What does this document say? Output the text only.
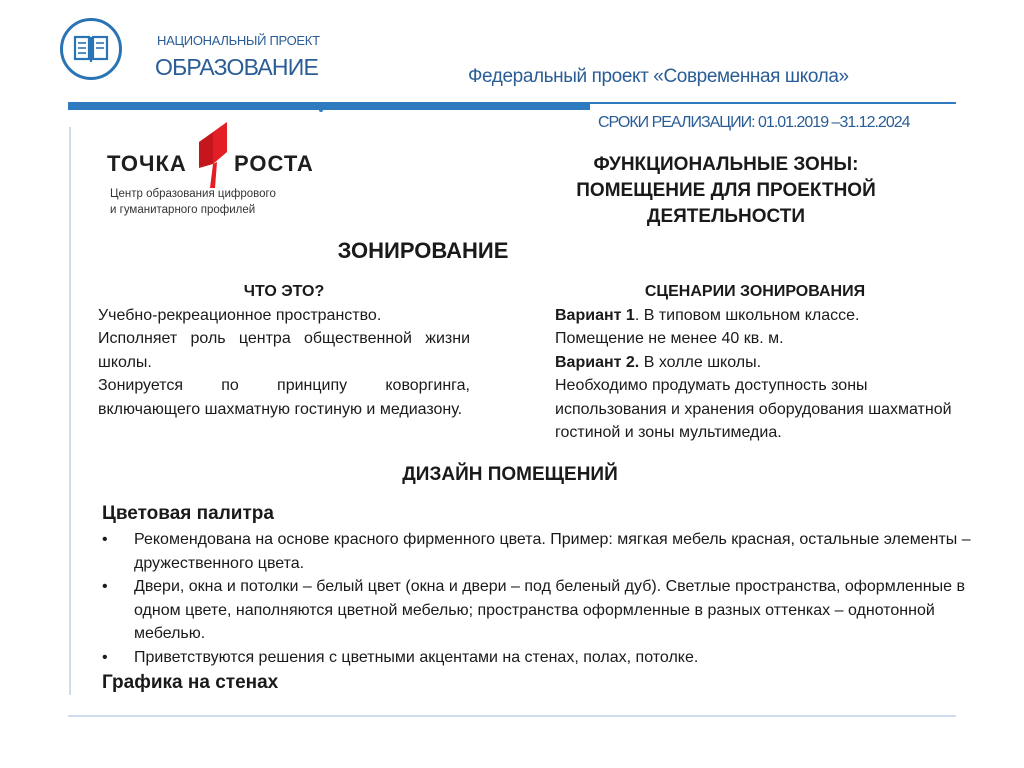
НАЦИОНАЛЬНЫЙ ПРОЕКТ
ОБРАЗОВАНИЕ	Федеральный проект «Современная школа»
СРОКИ РЕАЛИЗАЦИИ: 01.01.2019 –31.12.2024
ТОЧКА РОСТА
Центр образования цифрового
и гуманитарного профилей
ФУНКЦИОНАЛЬНЫЕ ЗОНЫ:
ПОМЕЩЕНИЕ ДЛЯ ПРОЕКТНОЙ
ДЕЯТЕЛЬНОСТИ
ЗОНИРОВАНИЕ
ЧТО ЭТО?
Учебно-рекреационное пространство.
Исполняет роль центра общественной жизни школы.
Зонируется по принципу коворгинга, включающего шахматную гостиную и медиазону.
СЦЕНАРИИ ЗОНИРОВАНИЯ
Вариант 1. В типовом школьном классе.
Помещение не менее 40 кв. м.
Вариант 2. В холле школы.
Необходимо продумать доступность зоны использования и хранения оборудования шахматной гостиной и зоны мультимедиа.
ДИЗАЙН ПОМЕЩЕНИЙ
Цветовая палитра
• Рекомендована на основе красного фирменного цвета. Пример: мягкая мебель красная, остальные элементы – дружественного цвета.
• Двери, окна и потолки – белый цвет (окна и двери – под беленый дуб). Светлые пространства, оформленные в одном цвете, наполняются цветной мебелью; пространства оформленные в разных оттенках – однотонной мебелью.
• Приветствуются решения с цветными акцентами на стенах, полах, потолке.
Графика на стенах
